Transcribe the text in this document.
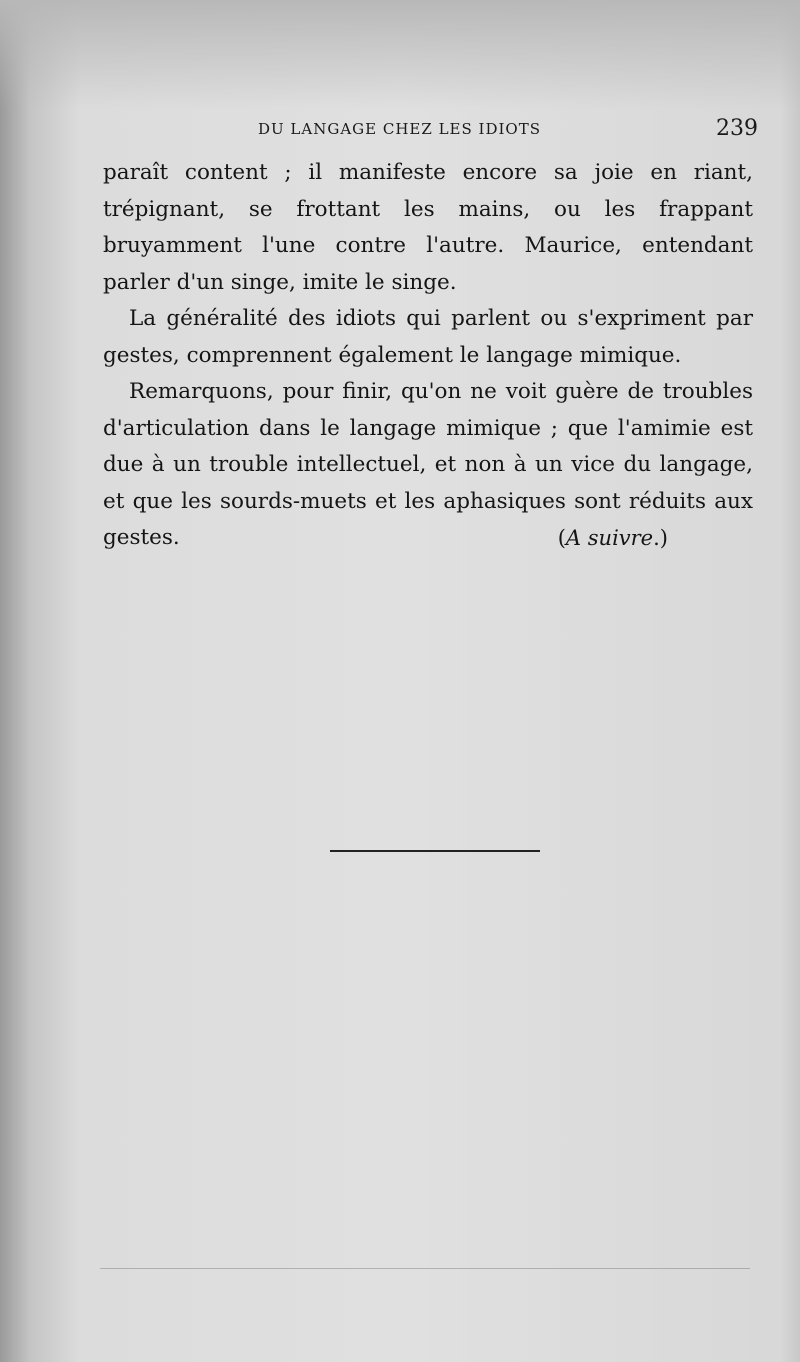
DU LANGAGE CHEZ LES IDIOTS	239

paraît content ; il manifeste encore sa joie en riant, trépignant, se frottant les mains, ou les frappant bruyamment l'une contre l'autre. Maurice, entendant parler d'un singe, imite le singe.

La généralité des idiots qui parlent ou s'expriment par gestes, comprennent également le langage mimique.

Remarquons, pour finir, qu'on ne voit guère de troubles d'articulation dans le langage mimique ; que l'amimie est due à un trouble intellectuel, et non à un vice du langage, et que les sourds-muets et les aphasiques sont réduits aux gestes.	(A suivre.)
